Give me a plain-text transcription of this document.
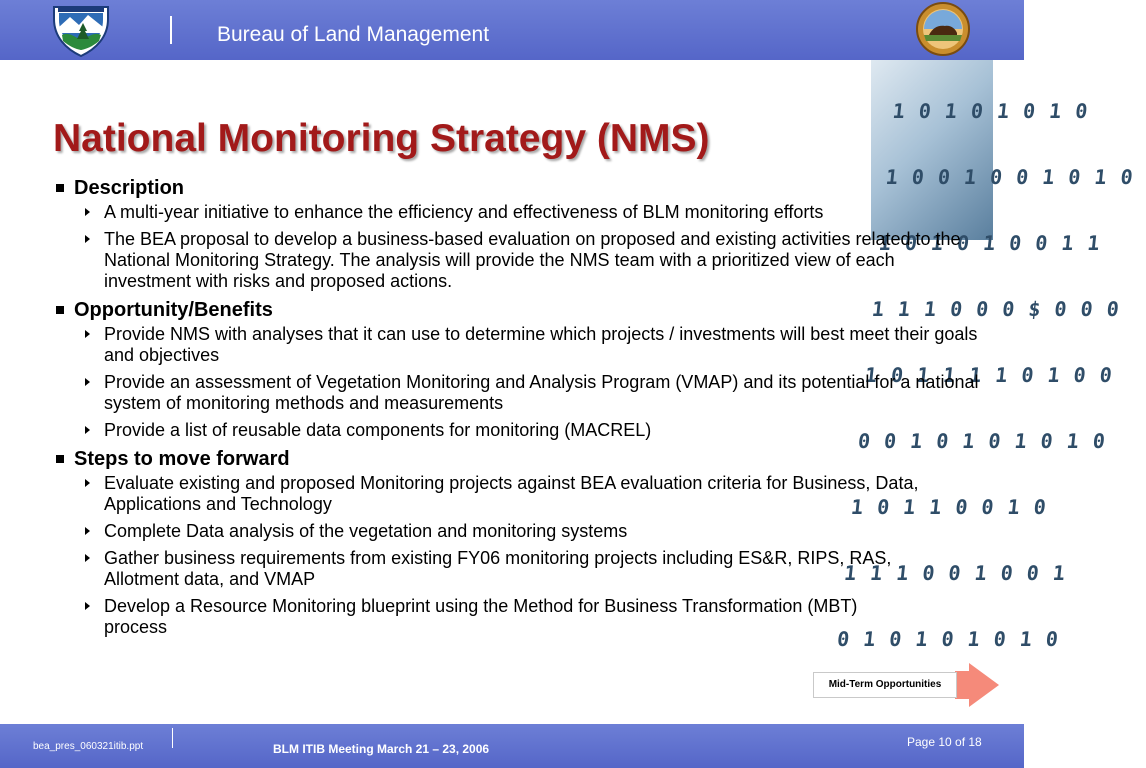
Bureau of Land Management

1 0 1 0 1 0 1 0

1 0 0 1 0 0 1 0 1 0

1 0 1 0 1 0 0 1 1

1 1 1 0 0 0 $ 0 0 0

1 0 1 1 1 1 0 1 0 0

0 0 1 0 1 0 1 0 1 0

1 0 1 1 0 0 1 0

1 1 1 0 0 1 0 0 1

0 1 0 1 0 1 0 1 0

National Monitoring Strategy (NMS)
Description
A multi-year initiative to enhance the efficiency and effectiveness of BLM monitoring efforts
The BEA proposal to develop a business-based evaluation on proposed and existing activities related to the National Monitoring Strategy. The analysis will provide the NMS team with a prioritized view of each investment with risks and proposed actions.
Opportunity/Benefits
Provide NMS with analyses that it can use to determine which projects / investments will best meet their goals and objectives
Provide an assessment of Vegetation Monitoring and Analysis Program (VMAP) and its potential for a national system of monitoring methods and measurements
Provide a list of reusable data components for monitoring (MACREL)
Steps to move forward
Evaluate existing and proposed Monitoring projects against BEA evaluation criteria for Business, Data, Applications and Technology
Complete Data analysis of the vegetation and monitoring systems
Gather business requirements from existing FY06 monitoring projects including ES&R, RIPS, RAS, Allotment data, and VMAP
Develop a Resource Monitoring blueprint using the Method for Business Transformation (MBT) process
Mid-Term Opportunities
bea_pres_060321itib.ppt	BLM ITIB Meeting March 21 – 23, 2006	Page 10 of 18
